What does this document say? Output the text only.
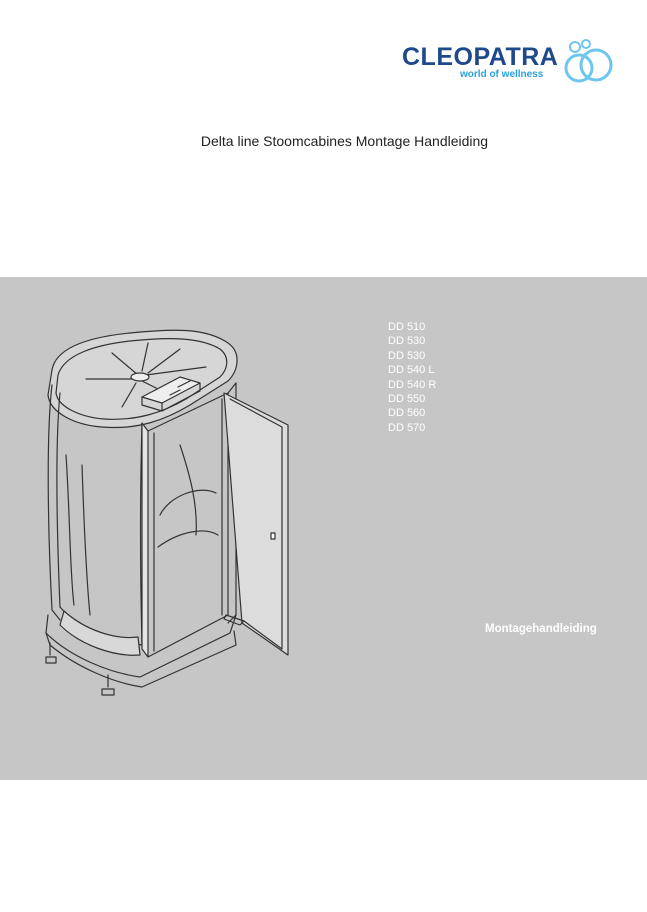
CLEOPATRA
world of wellness
Delta line Stoomcabines Montage Handleiding
DD 510
DD 530
DD 530
DD 540 L
DD 540 R
DD 550
DD 560
DD 570
Montagehandleiding
